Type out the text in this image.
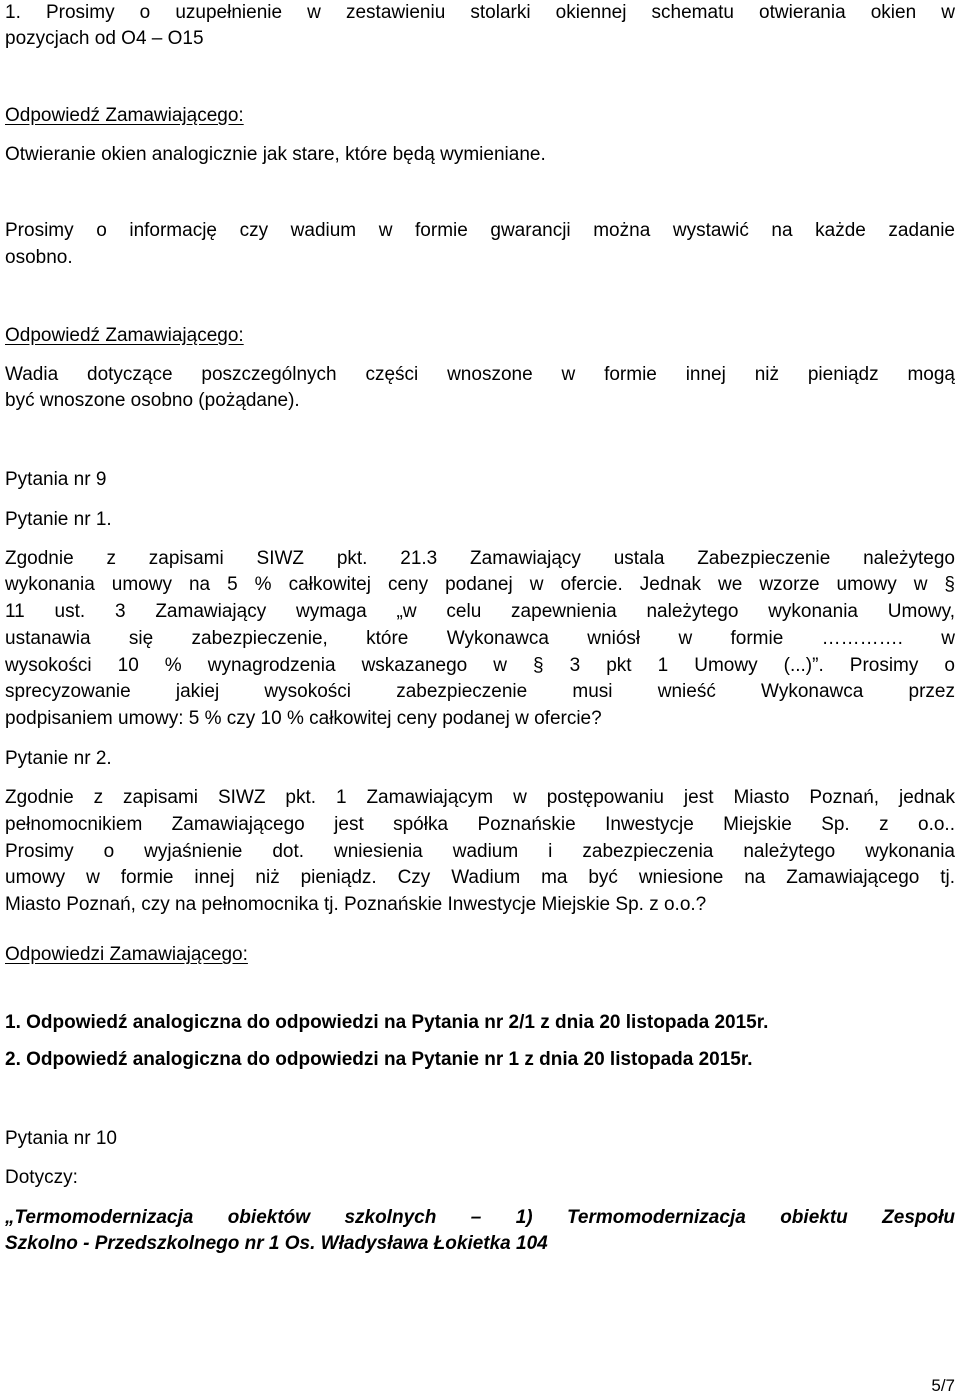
1. Prosimy o uzupełnienie w zestawieniu stolarki okiennej schematu otwierania okien w

pozycjach od O4 – O15

Odpowiedź Zamawiającego:

Otwieranie okien analogicznie jak stare, które będą wymieniane.

Prosimy o informację czy wadium w formie gwarancji można wystawić na każde zadanie

osobno.

Odpowiedź Zamawiającego:

Wadia dotyczące poszczególnych części wnoszone w formie innej niż pieniądz mogą

być wnoszone osobno (pożądane).

Pytania nr 9

Pytanie nr 1.

Zgodnie z zapisami SIWZ pkt. 21.3 Zamawiający ustala Zabezpieczenie należytego

wykonania umowy na 5 % całkowitej ceny podanej w ofercie. Jednak we wzorze umowy w §

11 ust. 3 Zamawiający wymaga „w celu zapewnienia należytego wykonania Umowy,

ustanawia się zabezpieczenie, które Wykonawca wniósł w formie …………. w

wysokości 10 % wynagrodzenia wskazanego w § 3 pkt 1 Umowy (...)”. Prosimy o

sprecyzowanie jakiej wysokości zabezpieczenie musi wnieść Wykonawca przez

podpisaniem umowy: 5 % czy 10 % całkowitej ceny podanej w ofercie?

Pytanie nr 2.

Zgodnie z zapisami SIWZ pkt. 1 Zamawiającym w postępowaniu jest Miasto Poznań, jednak

pełnomocnikiem Zamawiającego jest spółka Poznańskie Inwestycje Miejskie Sp. z o.o..

Prosimy o wyjaśnienie dot. wniesienia wadium i zabezpieczenia należytego wykonania

umowy w formie innej niż pieniądz. Czy Wadium ma być wniesione na Zamawiającego tj.

Miasto Poznań, czy na pełnomocnika tj. Poznańskie Inwestycje Miejskie Sp. z o.o.?

Odpowiedzi Zamawiającego:

1. Odpowiedź analogiczna do odpowiedzi na Pytania nr 2/1 z dnia 20 listopada 2015r.

2. Odpowiedź analogiczna do odpowiedzi na Pytanie nr 1 z dnia 20 listopada 2015r.

Pytania nr 10

Dotyczy:

„Termomodernizacja obiektów szkolnych – 1) Termomodernizacja obiektu Zespołu

Szkolno - Przedszkolnego nr 1 Os. Władysława Łokietka 104

5/7
